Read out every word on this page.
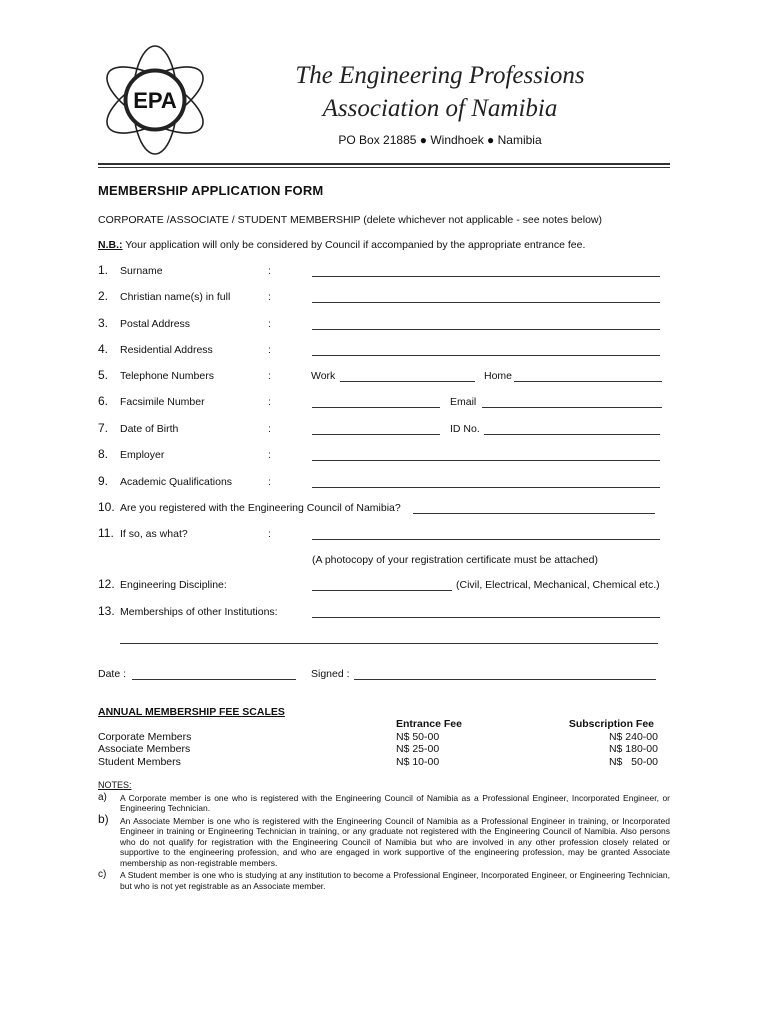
EPA
The Engineering Professions
Association of Namibia
PO Box 21885 ● Windhoek ● Namibia
MEMBERSHIP APPLICATION FORM
CORPORATE /ASSOCIATE / STUDENT MEMBERSHIP (delete whichever not applicable - see notes below)
N.B.: Your application will only be considered by Council if accompanied by the appropriate entrance fee.
1.	Surname	:
2.	Christian name(s) in full	:
3.	Postal Address	:
4.	Residential Address	:
5.	Telephone Numbers	:	Work	Home
6.	Facsimile Number	:	Email
7.	Date of Birth	:	ID No.
8.	Employer	:
9.	Academic Qualifications	:
10. Are you registered with the Engineering Council of Namibia?
11. If so, as what?	:
(A photocopy of your registration certificate must be attached)
12. Engineering Discipline:	(Civil, Electrical, Mechanical, Chemical etc.)
13. Memberships of other Institutions:
Date :	Signed :
ANNUAL MEMBERSHIP FEE SCALES
Entrance Fee	Subscription Fee
Corporate Members	N$ 50-00	N$ 240-00
Associate Members	N$ 25-00	N$ 180-00
Student Members	N$ 10-00	N$   50-00
NOTES:
a) A Corporate member is one who is registered with the Engineering Council of Namibia as a Professional Engineer, Incorporated Engineer, or Engineering Technician.
b) An Associate Member is one who is registered with the Engineering Council of Namibia as a Professional Engineer in training, or Incorporated Engineer in training or Engineering Technician in training, or any graduate not registered with the Engineering Council of Namibia. Also persons who do not qualify for registration with the Engineering Council of Namibia but who are involved in any other profession closely related or supportive to the engineering profession, and who are engaged in work supportive of the engineering profession, may be granted Associate membership as non-registrable members.
c) A Student member is one who is studying at any institution to become a Professional Engineer, Incorporated Engineer, or Engineering Technician, but who is not yet registrable as an Associate member.
